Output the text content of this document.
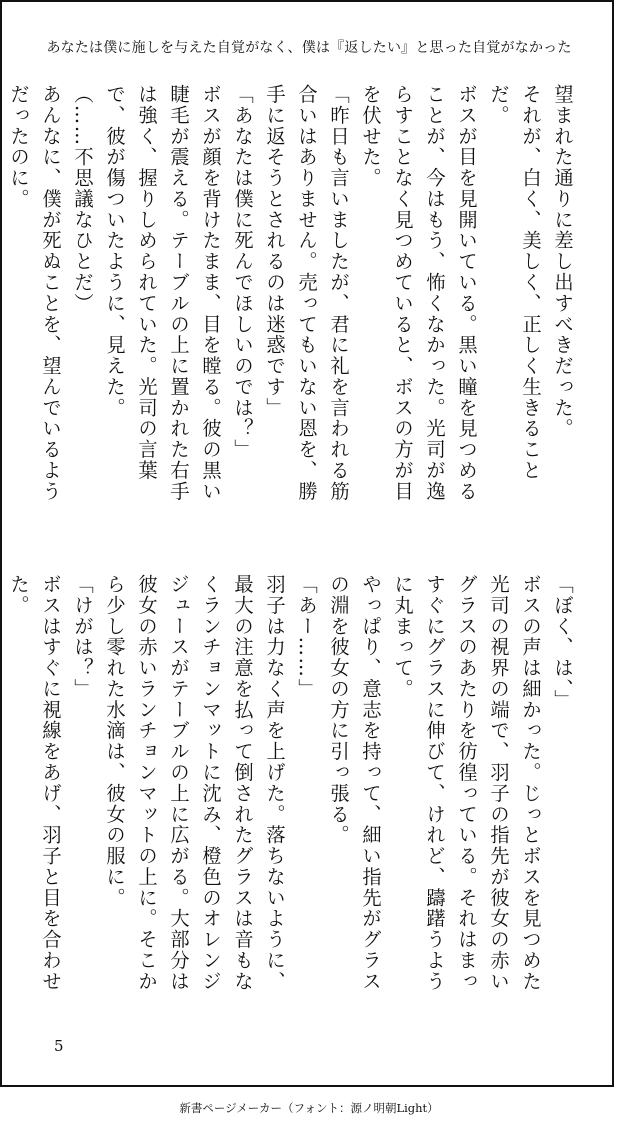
あなたは僕に施しを与えた自覚がなく、僕は『返したい』と思った自覚がなかった

望まれた通りに差し出すべきだった。

それが、白く、美しく、正しく生きることだ。

ボスが目を見開いている。黒い瞳を見つめることが、今はもう、怖くなかった。光司が逸らすことなく見つめていると、ボスの方が目を伏せた。

「昨日も言いましたが、君に礼を言われる筋合いはありません。売ってもいない恩を、勝手に返そうとされるのは迷惑です」

「あなたは僕に死んでほしいのでは？」

ボスが顔を背けたまま、目を瞠る。彼の黒い睫毛が震える。テーブルの上に置かれた右手は強く、握りしめられていた。光司の言葉で、彼が傷ついたように、見えた。

（……不思議なひとだ）

あんなに、僕が死ぬことを、望んでいるようだったのに。

「ぼく、は、」

ボスの声は細かった。じっとボスを見つめた光司の視界の端で、羽子の指先が彼女の赤いグラスのあたりを彷徨っている。それはまっすぐにグラスに伸びて、けれど、躊躇うように丸まって。

やっぱり、意志を持って、細い指先がグラスの淵を彼女の方に引っ張る。

「あー……」

羽子は力なく声を上げた。落ちないように、最大の注意を払って倒されたグラスは音もなくランチョンマットに沈み、橙色のオレンジジュースがテーブルの上に広がる。大部分は彼女の赤いランチョンマットの上に。そこから少し零れた水滴は、彼女の服に。

「けがは？」

ボスはすぐに視線をあげ、羽子と目を合わせた。

5
新書ページメーカー（フォント：源ノ明朝Light）
